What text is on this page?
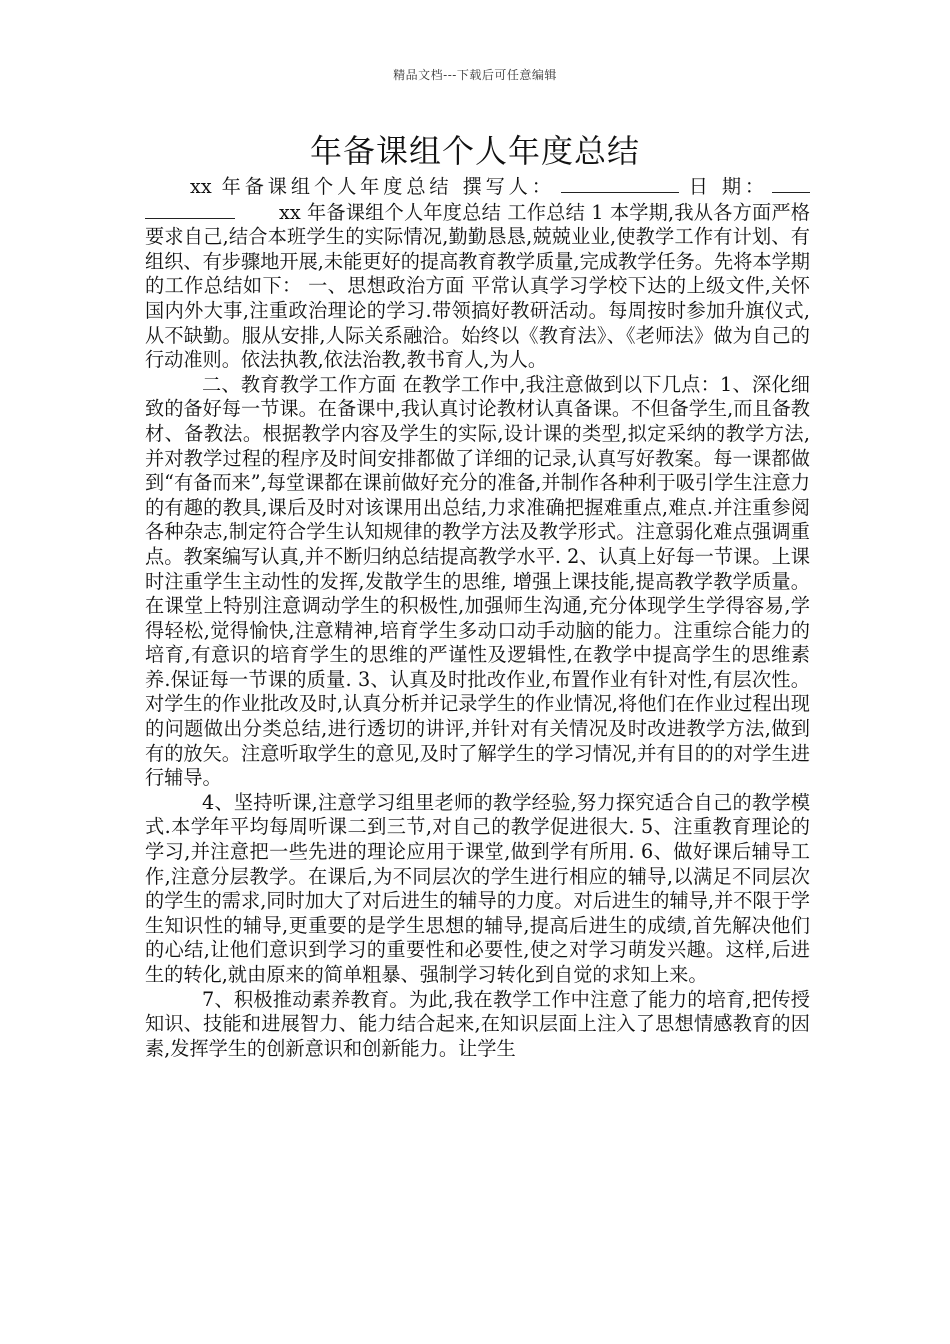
精品文档---下载后可任意编辑
年备课组个人年度总结

xx 年备课组个人年度总结 撰写人：	日 期：xx 年备课组个人年度总结 工作总结 1 本学期,我从各方面严格要求自己,结合本班学生的实际情况,勤勤恳恳,兢兢业业,使教学工作有计划、有组织、有步骤地开展,未能更好的提高教育教学质量,完成教学任务。先将本学期的工作总结如下： 一、思想政治方面 平常认真学习学校下达的上级文件,关怀国内外大事,注重政治理论的学习.带领搞好教研活动。每周按时参加升旗仪式,从不缺勤。服从安排,人际关系融洽。始终以《教育法》、《老师法》做为自己的行动准则。依法执教,依法治教,教书育人,为人。

二、教育教学工作方面 在教学工作中,我注意做到以下几点：1、深化细致的备好每一节课。在备课中,我认真讨论教材认真备课。不但备学生,而且备教材、备教法。根据教学内容及学生的实际,设计课的类型,拟定采纳的教学方法,并对教学过程的程序及时间安排都做了详细的记录,认真写好教案。每一课都做到“有备而来”,每堂课都在课前做好充分的准备,并制作各种利于吸引学生注意力的有趣的教具,课后及时对该课用出总结,力求准确把握难重点,难点.并注重参阅各种杂志,制定符合学生认知规律的教学方法及教学形式。注意弱化难点强调重点。教案编写认真,并不断归纳总结提高教学水平. 2、认真上好每一节课。上课时注重学生主动性的发挥,发散学生的思维, 增强上课技能,提高教学教学质量。在课堂上特别注意调动学生的积极性,加强师生沟通,充分体现学生学得容易,学得轻松,觉得愉快,注意精神,培育学生多动口动手动脑的能力。注重综合能力的培育,有意识的培育学生的思维的严谨性及逻辑性,在教学中提高学生的思维素养.保证每一节课的质量. 3、认真及时批改作业,布置作业有针对性,有层次性。对学生的作业批改及时,认真分析并记录学生的作业情况,将他们在作业过程出现的问题做出分类总结,进行透切的讲评,并针对有关情况及时改进教学方法,做到有的放矢。注意听取学生的意见,及时了解学生的学习情况,并有目的的对学生进行辅导。

4、坚持听课,注意学习组里老师的教学经验,努力探究适合自己的教学模式.本学年平均每周听课二到三节,对自己的教学促进很大. 5、注重教育理论的学习,并注意把一些先进的理论应用于课堂,做到学有所用. 6、做好课后辅导工作,注意分层教学。在课后,为不同层次的学生进行相应的辅导,以满足不同层次的学生的需求,同时加大了对后进生的辅导的力度。对后进生的辅导,并不限于学生知识性的辅导,更重要的是学生思想的辅导,提高后进生的成绩,首先解决他们的心结,让他们意识到学习的重要性和必要性,使之对学习萌发兴趣。这样,后进生的转化,就由原来的简单粗暴、强制学习转化到自觉的求知上来。

7、积极推动素养教育。为此,我在教学工作中注意了能力的培育,把传授知识、技能和进展智力、能力结合起来,在知识层面上注入了思想情感教育的因素,发挥学生的创新意识和创新能力。让学生
